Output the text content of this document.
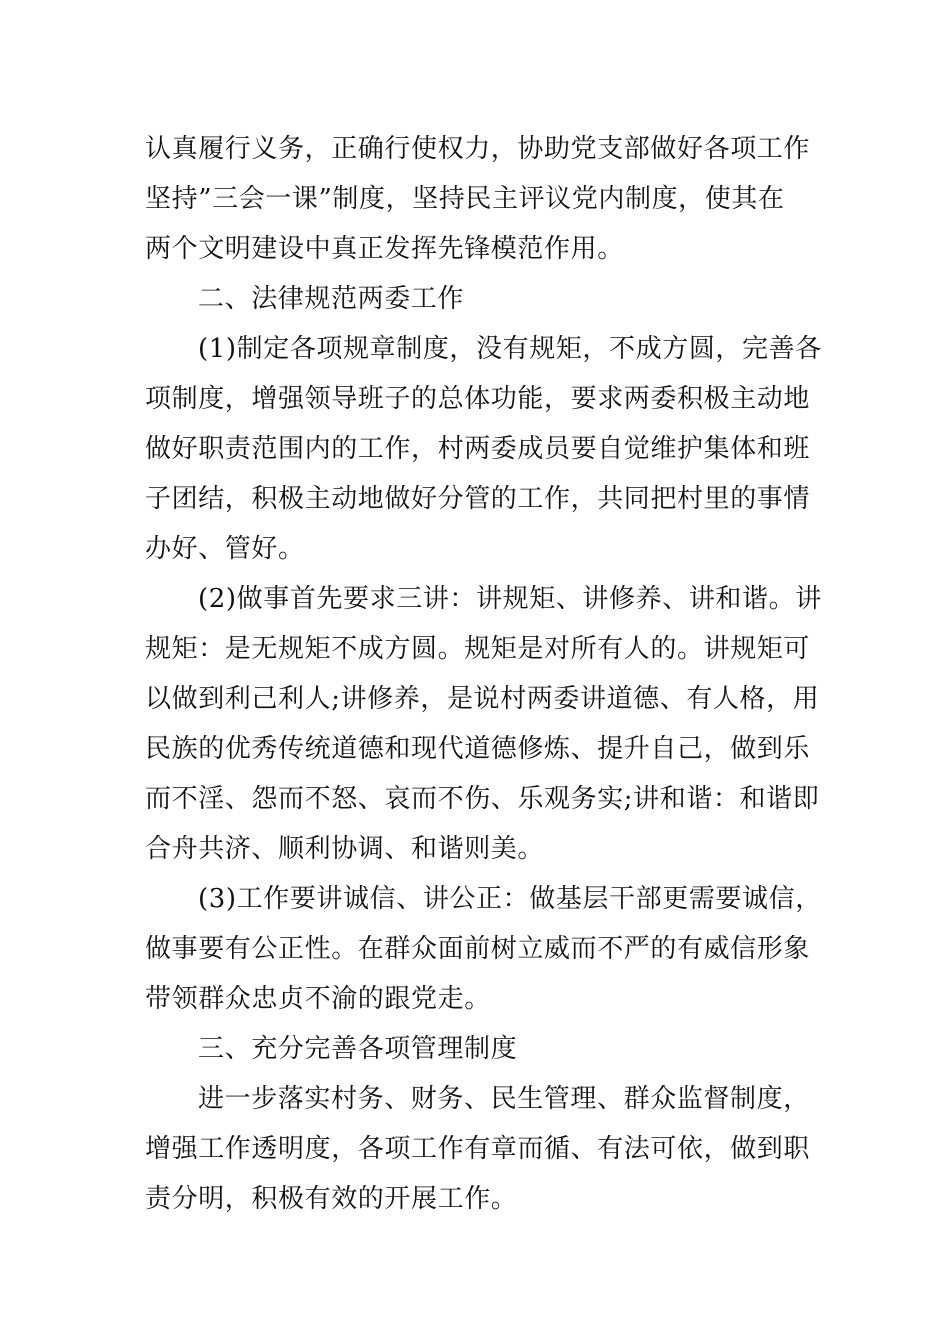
认真履行义务，正确行使权力，协助党支部做好各项工作
坚持”三会一课”制度，坚持民主评议党内制度，使其在
两个文明建设中真正发挥先锋模范作用。
二、法律规范两委工作
(1)制定各项规章制度，没有规矩，不成方圆，完善各
项制度，增强领导班子的总体功能，要求两委积极主动地
做好职责范围内的工作，村两委成员要自觉维护集体和班
子团结，积极主动地做好分管的工作，共同把村里的事情
办好、管好。
(2)做事首先要求三讲：讲规矩、讲修养、讲和谐。讲
规矩：是无规矩不成方圆。规矩是对所有人的。讲规矩可
以做到利己利人;讲修养，是说村两委讲道德、有人格，用
民族的优秀传统道德和现代道德修炼、提升自己，做到乐
而不淫、怨而不怒、哀而不伤、乐观务实;讲和谐：和谐即
合舟共济、顺利协调、和谐则美。
(3)工作要讲诚信、讲公正：做基层干部更需要诚信，
做事要有公正性。在群众面前树立威而不严的有威信形象
带领群众忠贞不渝的跟党走。
三、充分完善各项管理制度
进一步落实村务、财务、民生管理、群众监督制度，
增强工作透明度，各项工作有章而循、有法可依，做到职
责分明，积极有效的开展工作。
